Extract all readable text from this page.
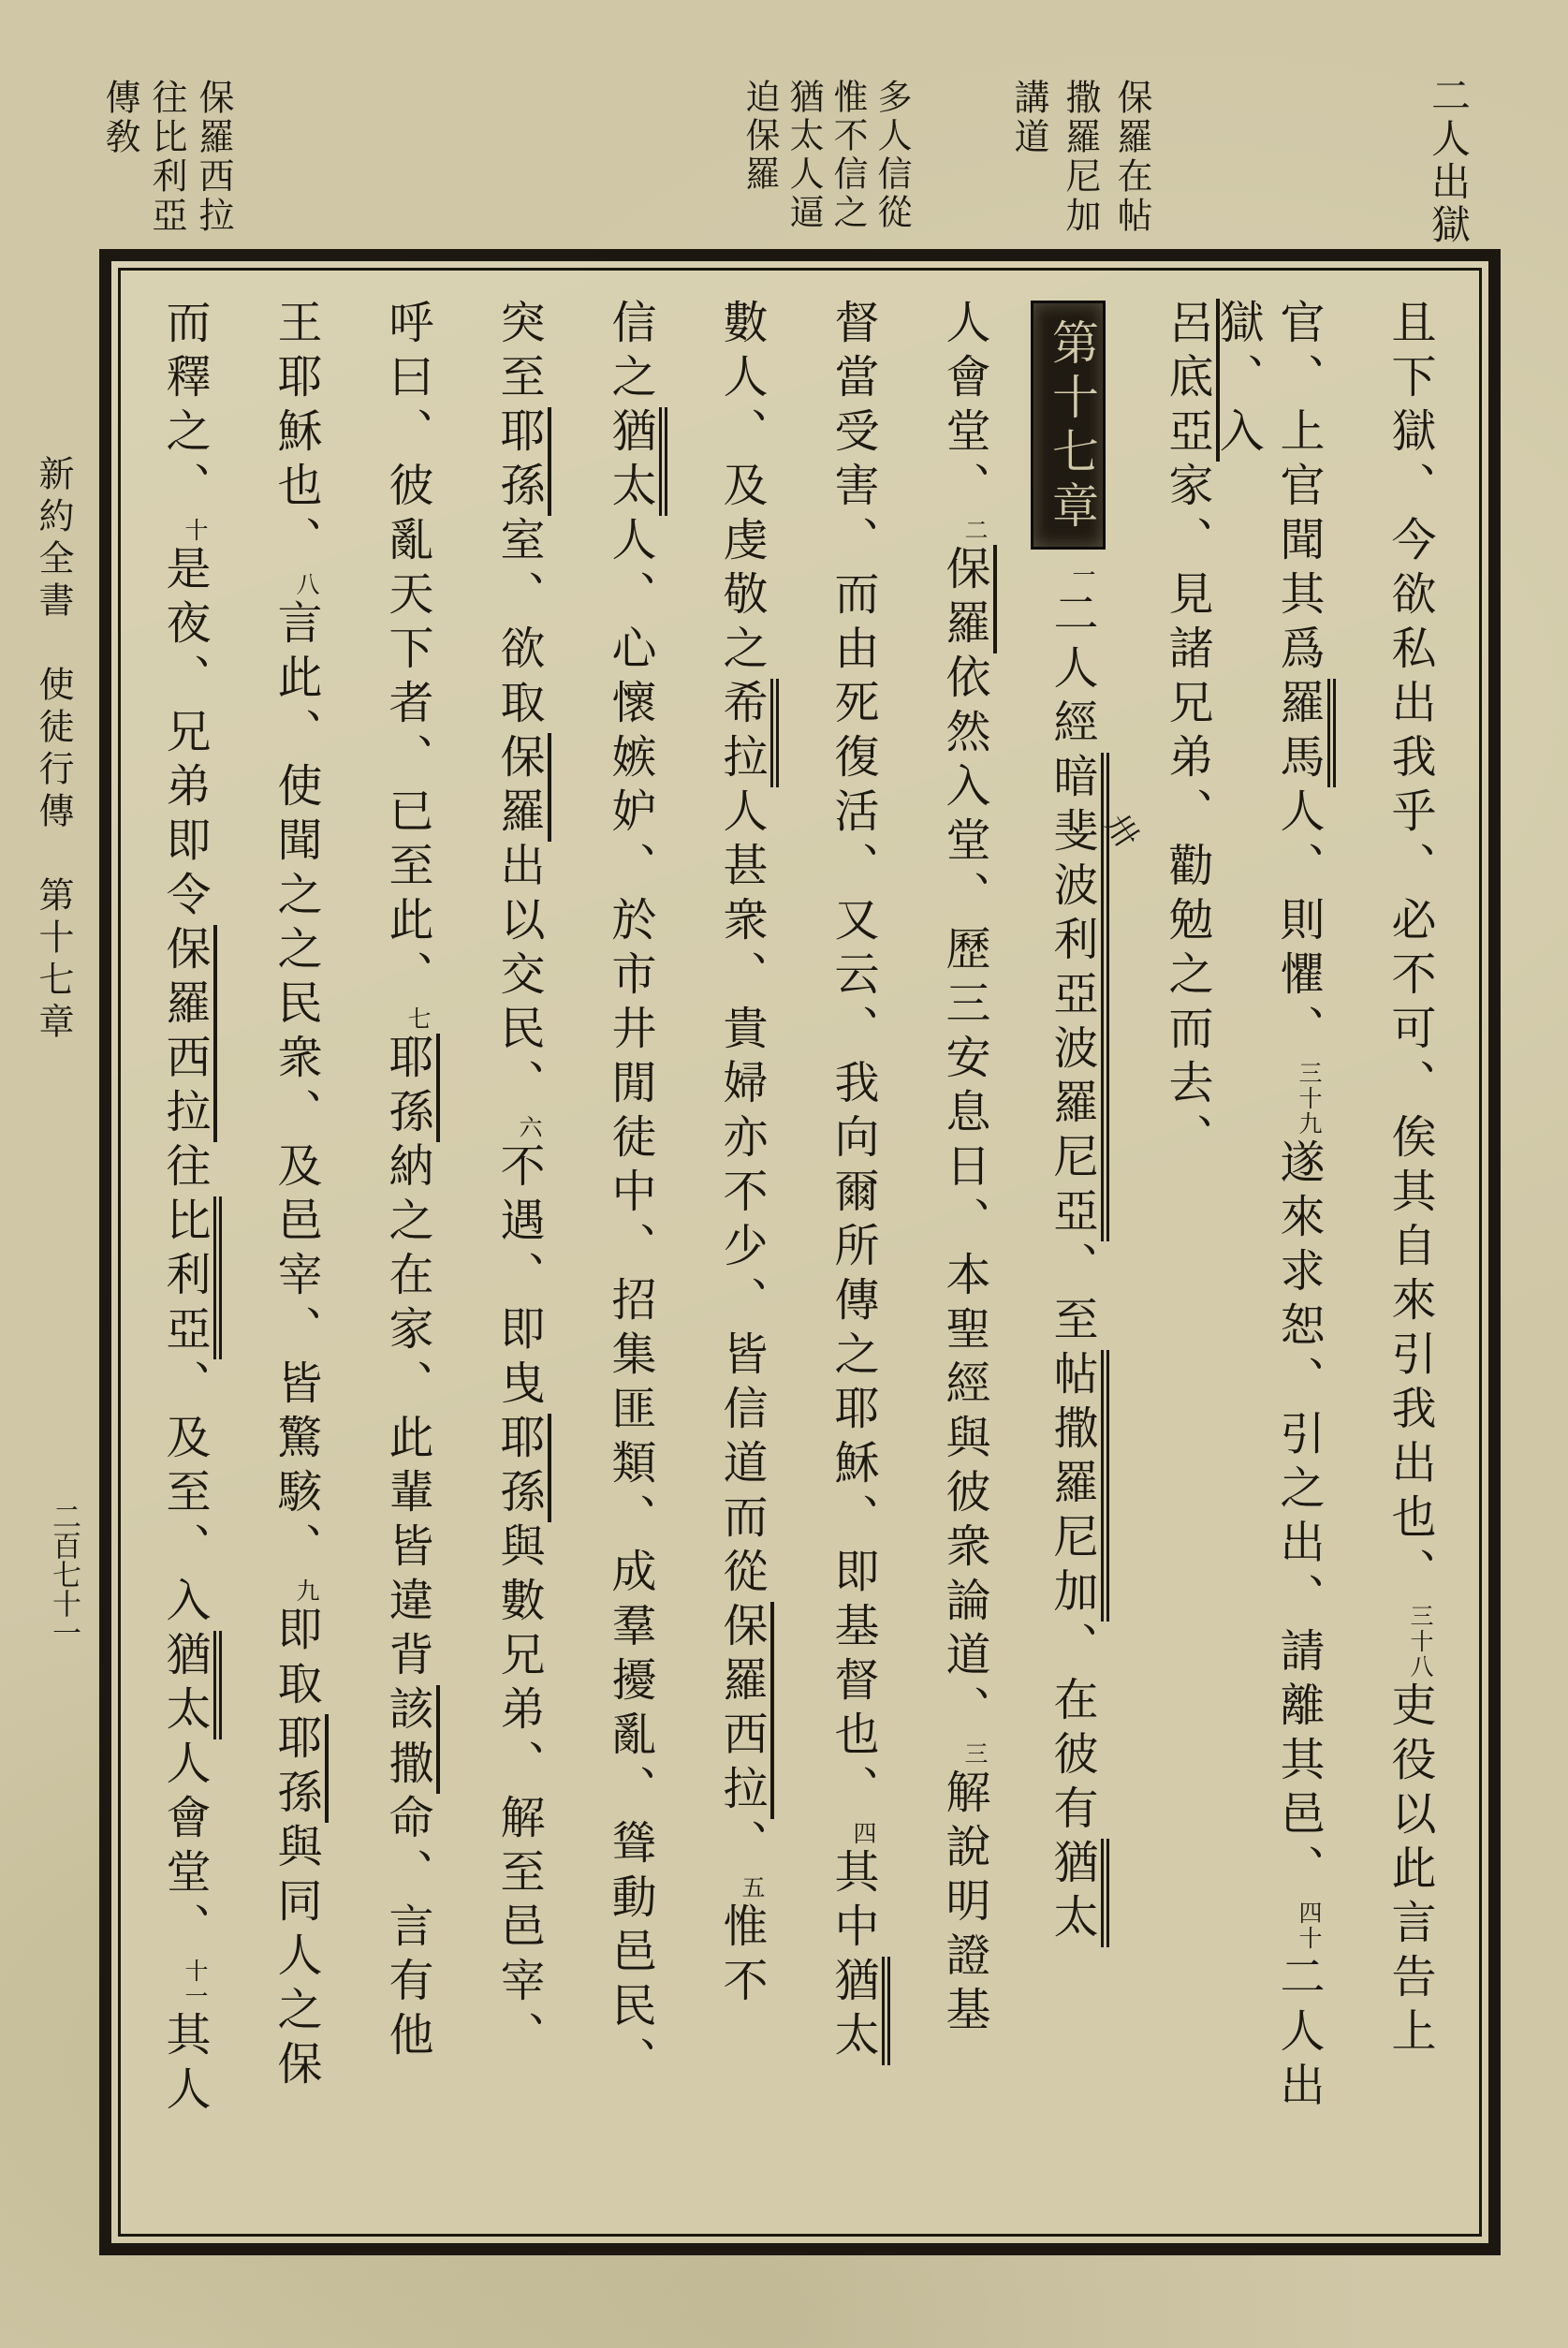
二人出獄
保羅在帖
撒羅尼加
講道
多人信從
惟不信之
猶太人逼
迫保羅
保羅西拉
往比利亞
傳敎
新約全書　使徒行傳　第十七章
二百七十一	且下獄、今欲私出我乎、必不可、俟其自來引我出也、三十八吏役以此言告上
官、上官聞其爲羅馬人、則懼、三十九遂來求恕、引之出、請離其邑、四十二人出獄、入
呂底亞家、見諸兄弟、勸勉之而去、
第十七章一二人經
卅
暗斐波利亞波羅尼亞、至帖撒羅尼加、在彼有猶太
人會堂、二保羅依然入堂、歷三安息日、本聖經與彼衆論道、三解說明證基
督當受害、而由死復活、又云、我向爾所傳之耶穌、即基督也、四其中猶太
數人、及虔敬之希拉人甚衆、貴婦亦不少、皆信道而從保羅西拉、五惟不
信之猶太人、心懷嫉妒、於市井閒徒中、招集匪類、成羣擾亂、聳動邑民、
突至耶孫室、欲取保羅出以交民、六不遇、即曳耶孫與數兄弟、解至邑宰、
呼曰、彼亂天下者、已至此、七耶孫納之在家、此輩皆違背該撒命、言有他
王耶穌也、八言此、使聞之之民衆、及邑宰、皆驚駭、九即取耶孫與同人之保
而釋之、十是夜、兄弟即令保羅西拉往比利亞、及至、入猶太人會堂、十一其人
